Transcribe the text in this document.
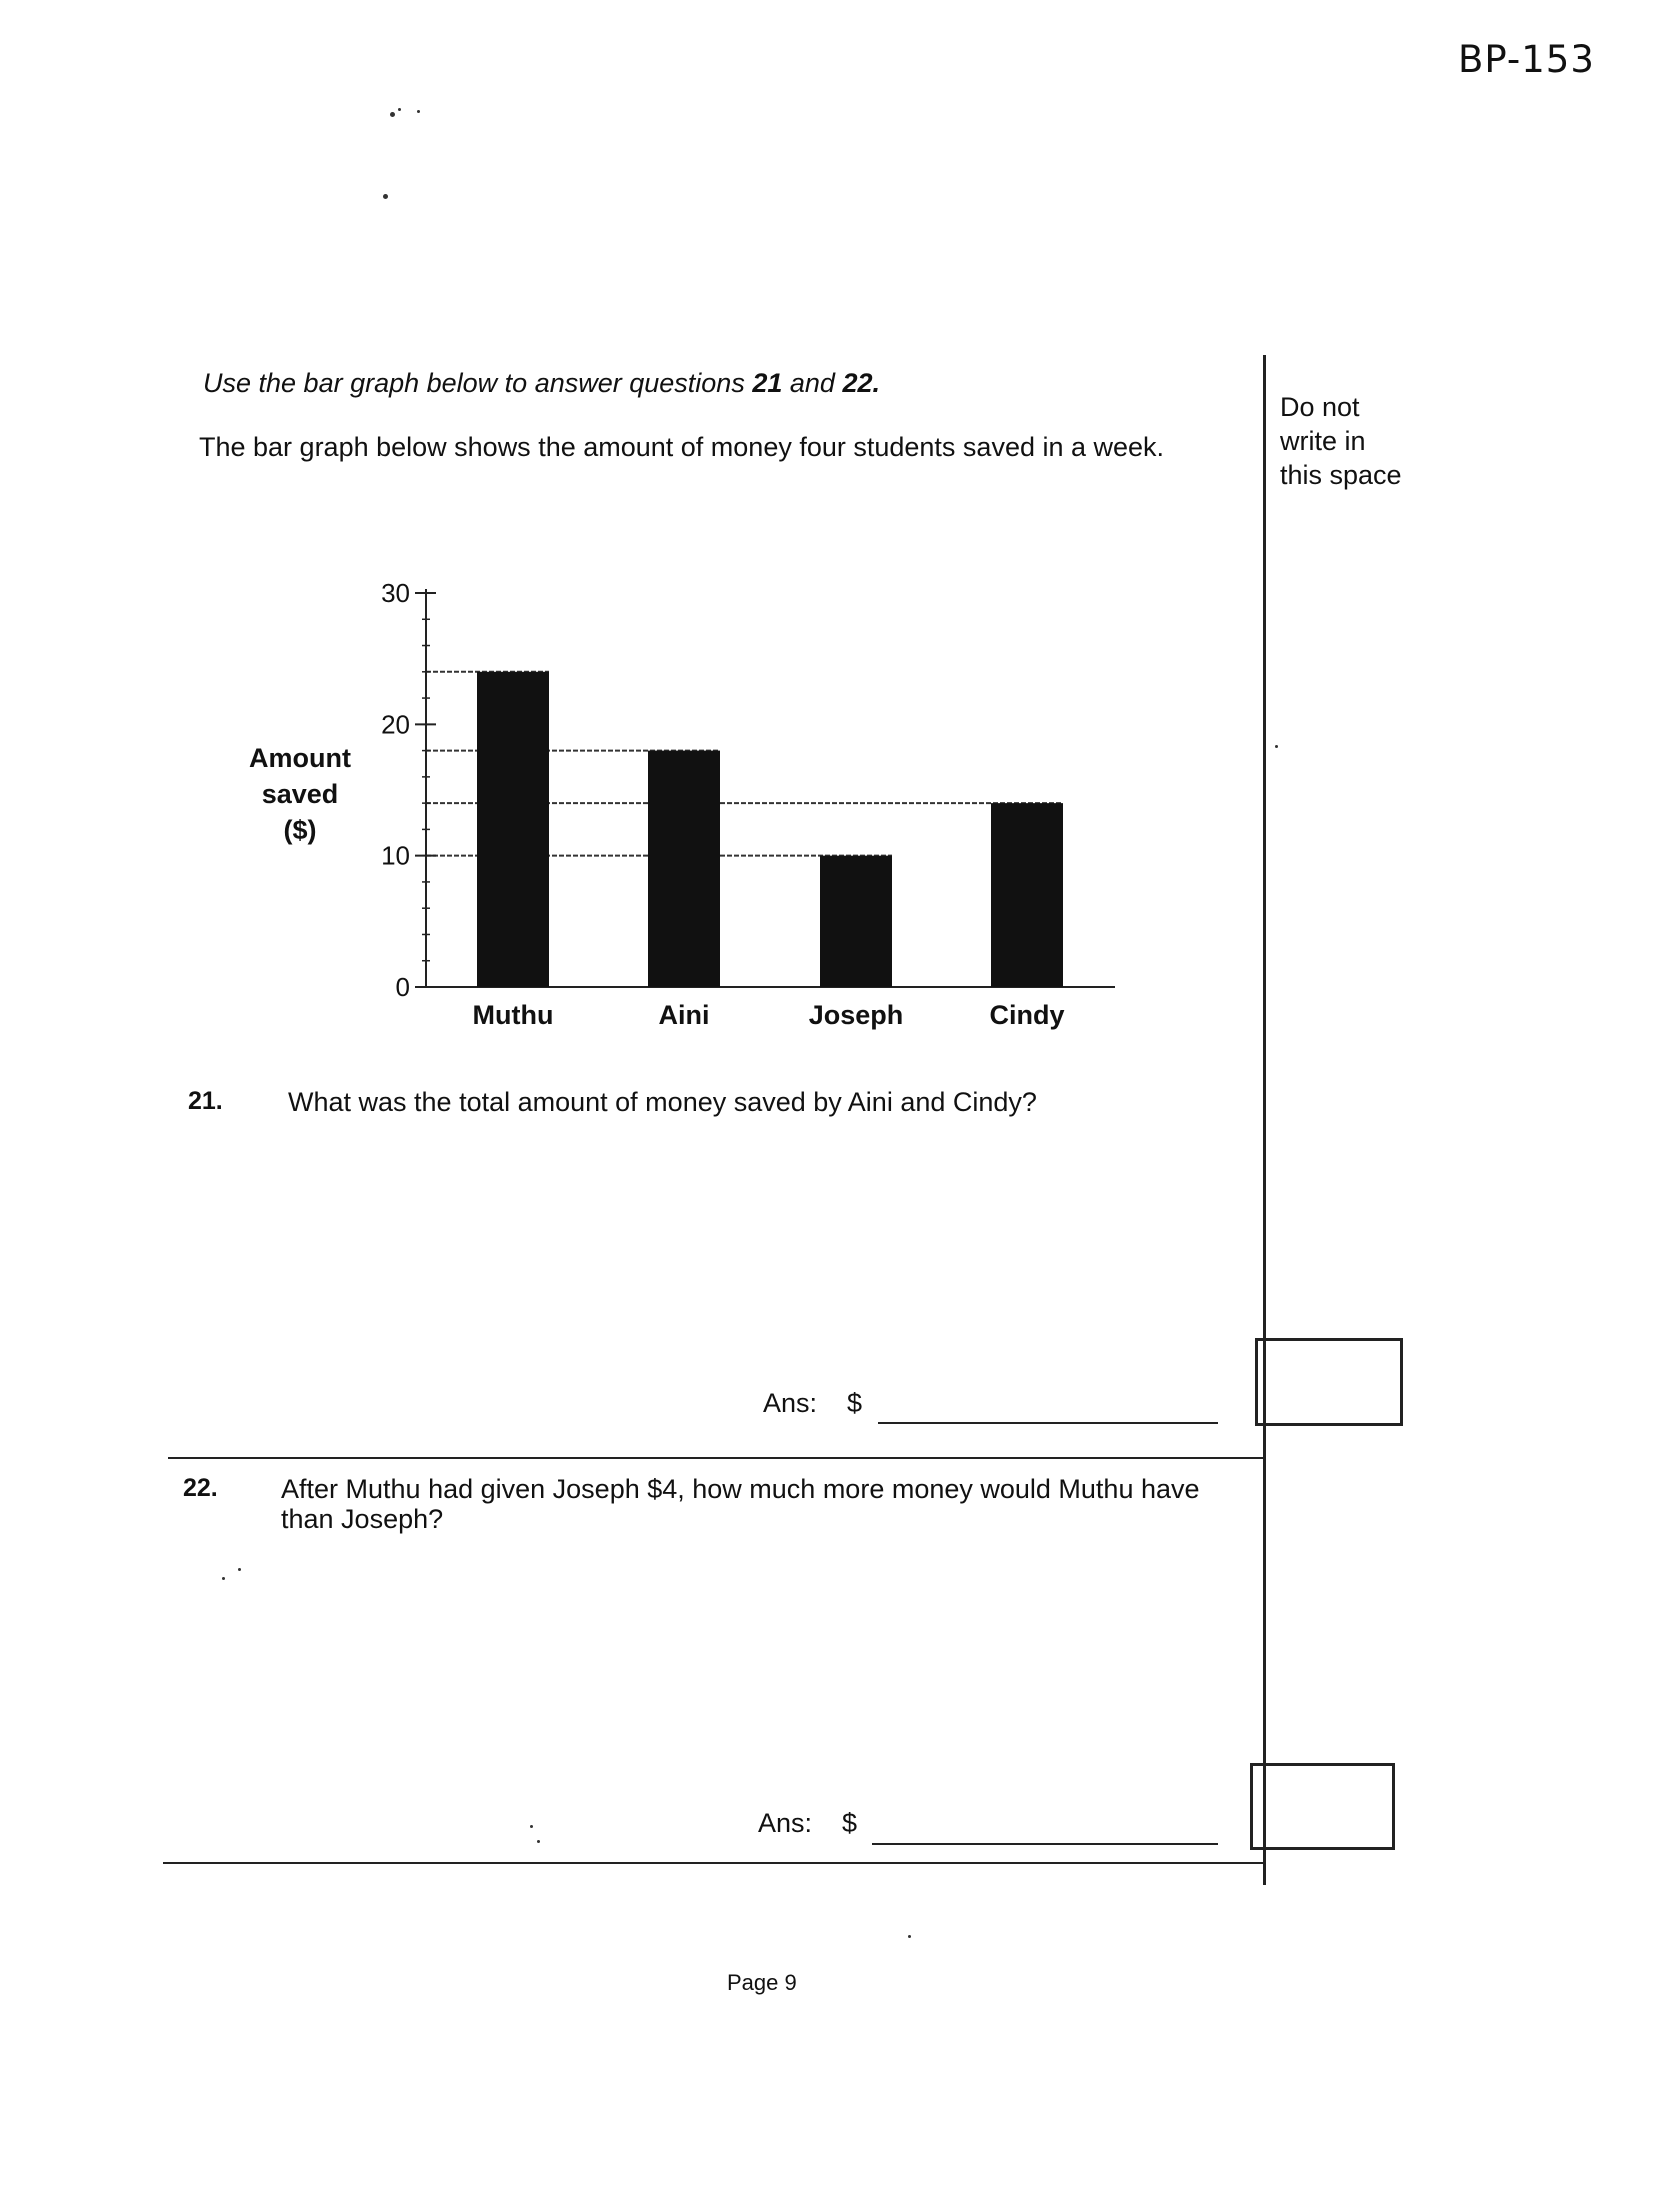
BP-153
Use the bar graph below to answer questions 21 and 22.
The bar graph below shows the amount of money four students saved in a week.
Do not
write in
this space
Amount
saved
($)
0
10
20
30
Muthu	Aini	Joseph	Cindy
21. What was the total amount of money saved by Aini and Cindy?
Ans: $
22. After Muthu had given Joseph $4, how much more money would Muthu have than Joseph?
Ans: $
Page 9
